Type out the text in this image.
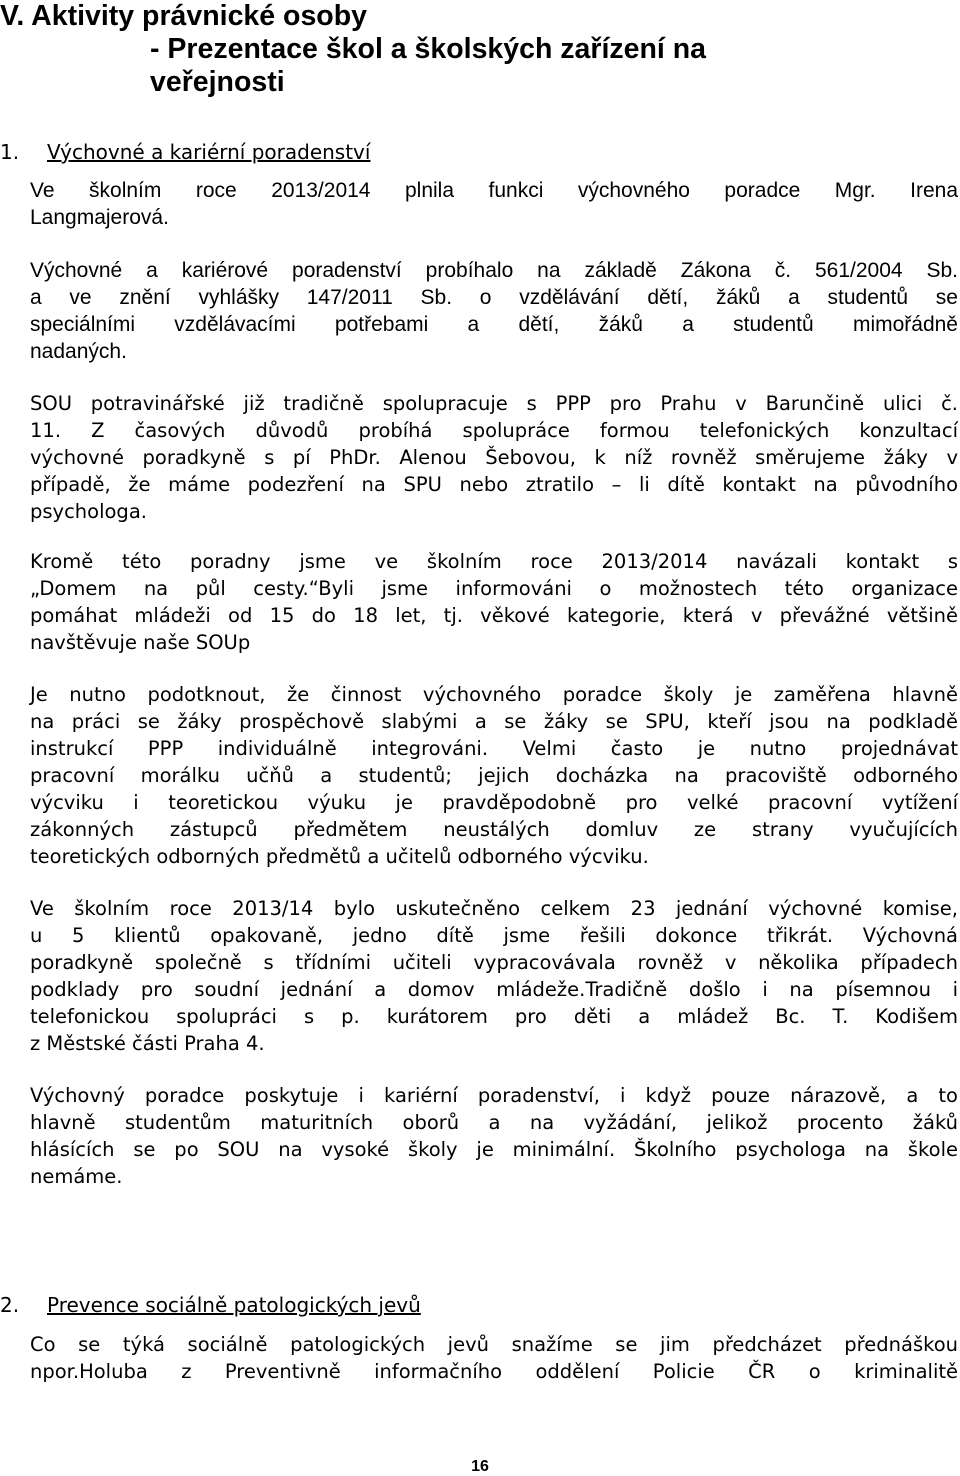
V. Aktivity právnické osoby
- Prezentace škol a školských zařízení na
veřejnosti
1. Výchovné a kariérní poradenství
Ve školním roce 2013/2014 plnila funkci výchovného poradce Mgr. Irena
Langmajerová.
Výchovné a kariérové poradenství probíhalo na základě Zákona č. 561/2004 Sb.
a ve znění vyhlášky 147/2011 Sb. o vzdělávání dětí, žáků a studentů se
speciálními vzdělávacími potřebami a dětí, žáků a studentů mimořádně
nadaných.
SOU potravinářské již tradičně spolupracuje s PPP pro Prahu v Barunčině ulici č.
11. Z časových důvodů probíhá spolupráce formou telefonických konzultací
výchovné poradkyně s pí PhDr. Alenou Šebovou, k níž rovněž směrujeme žáky v
případě, že máme podezření na SPU nebo ztratilo – li dítě kontakt na původního
psychologa.
Kromě této poradny jsme ve školním roce 2013/2014 navázali kontakt s
„Domem na půl cesty.“Byli jsme informováni o možnostech této organizace
pomáhat mládeži od 15 do 18 let, tj. věkové kategorie, která v převážné většině
navštěvuje naše SOUp
Je nutno podotknout, že činnost výchovného poradce školy je zaměřena hlavně
na práci se žáky prospěchově slabými a se žáky se SPU, kteří jsou na podkladě
instrukcí PPP individuálně integrováni. Velmi často je nutno projednávat
pracovní morálku učňů a studentů; jejich docházka na pracoviště odborného
výcviku i teoretickou výuku je pravděpodobně pro velké pracovní vytížení
zákonných zástupců předmětem neustálých domluv ze strany vyučujících
teoretických odborných předmětů a učitelů odborného výcviku.
Ve školním roce 2013/14 bylo uskutečněno celkem 23 jednání výchovné komise,
u 5 klientů opakovaně, jedno dítě jsme řešili dokonce třikrát. Výchovná
poradkyně společně s třídními učiteli vypracovávala rovněž v několika případech
podklady pro soudní jednání a domov mládeže.Tradičně došlo i na písemnou i
telefonickou spolupráci s p. kurátorem pro děti a mládež Bc. T. Kodišem
z Městské části Praha 4.
Výchovný poradce poskytuje i kariérní poradenství, i když pouze nárazově, a to
hlavně studentům maturitních oborů a na vyžádání, jelikož procento žáků
hlásících se po SOU na vysoké školy je minimální. Školního psychologa na škole
nemáme.
2. Prevence sociálně patologických jevů
Co se týká sociálně patologických jevů snažíme se jim předcházet přednáškou
npor.Holuba z Preventivně informačního oddělení Policie ČR o kriminalitě
16
